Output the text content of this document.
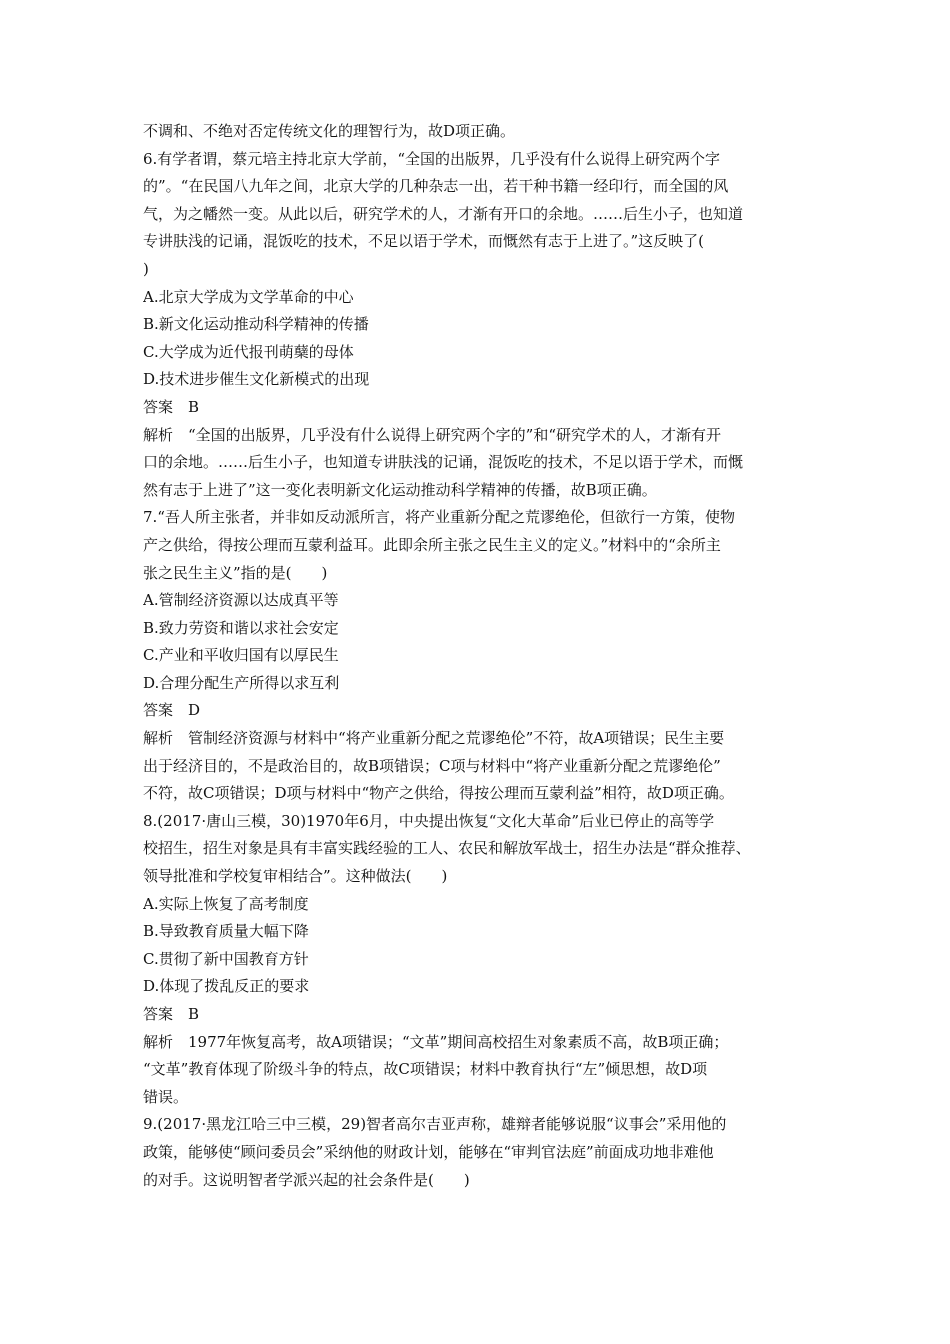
不调和、不绝对否定传统文化的理智行为，故D项正确。
6.有学者谓，蔡元培主持北京大学前，“全国的出版界，几乎没有什么说得上研究两个字
的”。“在民国八九年之间，北京大学的几种杂志一出，若干种书籍一经印行，而全国的风
气，为之幡然一变。从此以后，研究学术的人，才渐有开口的余地。……后生小子，也知道
专讲肤浅的记诵，混饭吃的技术，不足以语于学术，而慨然有志于上进了。”这反映了(
)
A.北京大学成为文学革命的中心
B.新文化运动推动科学精神的传播
C.大学成为近代报刊萌蘖的母体
D.技术进步催生文化新模式的出现
答案　B
解析　“全国的出版界，几乎没有什么说得上研究两个字的”和“研究学术的人，才渐有开
口的余地。……后生小子，也知道专讲肤浅的记诵，混饭吃的技术，不足以语于学术，而慨
然有志于上进了”这一变化表明新文化运动推动科学精神的传播，故B项正确。
7.“吾人所主张者，并非如反动派所言，将产业重新分配之荒谬绝伦，但欲行一方策，使物
产之供给，得按公理而互蒙利益耳。此即余所主张之民生主义的定义。”材料中的“余所主
张之民生主义”指的是(　　)
A.管制经济资源以达成真平等
B.致力劳资和谐以求社会安定
C.产业和平收归国有以厚民生
D.合理分配生产所得以求互利
答案　D
解析　管制经济资源与材料中“将产业重新分配之荒谬绝伦”不符，故A项错误；民生主要
出于经济目的，不是政治目的，故B项错误；C项与材料中“将产业重新分配之荒谬绝伦”
不符，故C项错误；D项与材料中“物产之供给，得按公理而互蒙利益”相符，故D项正确。
8.(2017·唐山三模，30)1970年6月，中央提出恢复“文化大革命”后业已停止的高等学
校招生，招生对象是具有丰富实践经验的工人、农民和解放军战士，招生办法是“群众推荐、
领导批准和学校复审相结合”。这种做法(　　)
A.实际上恢复了高考制度
B.导致教育质量大幅下降
C.贯彻了新中国教育方针
D.体现了拨乱反正的要求
答案　B
解析　1977年恢复高考，故A项错误；“文革”期间高校招生对象素质不高，故B项正确；
“文革”教育体现了阶级斗争的特点，故C项错误；材料中教育执行“左”倾思想，故D项
错误。
9.(2017·黑龙江哈三中三模，29)智者高尔吉亚声称，雄辩者能够说服“议事会”采用他的
政策，能够使“顾问委员会”采纳他的财政计划，能够在“审判官法庭”前面成功地非难他
的对手。这说明智者学派兴起的社会条件是(　　)
